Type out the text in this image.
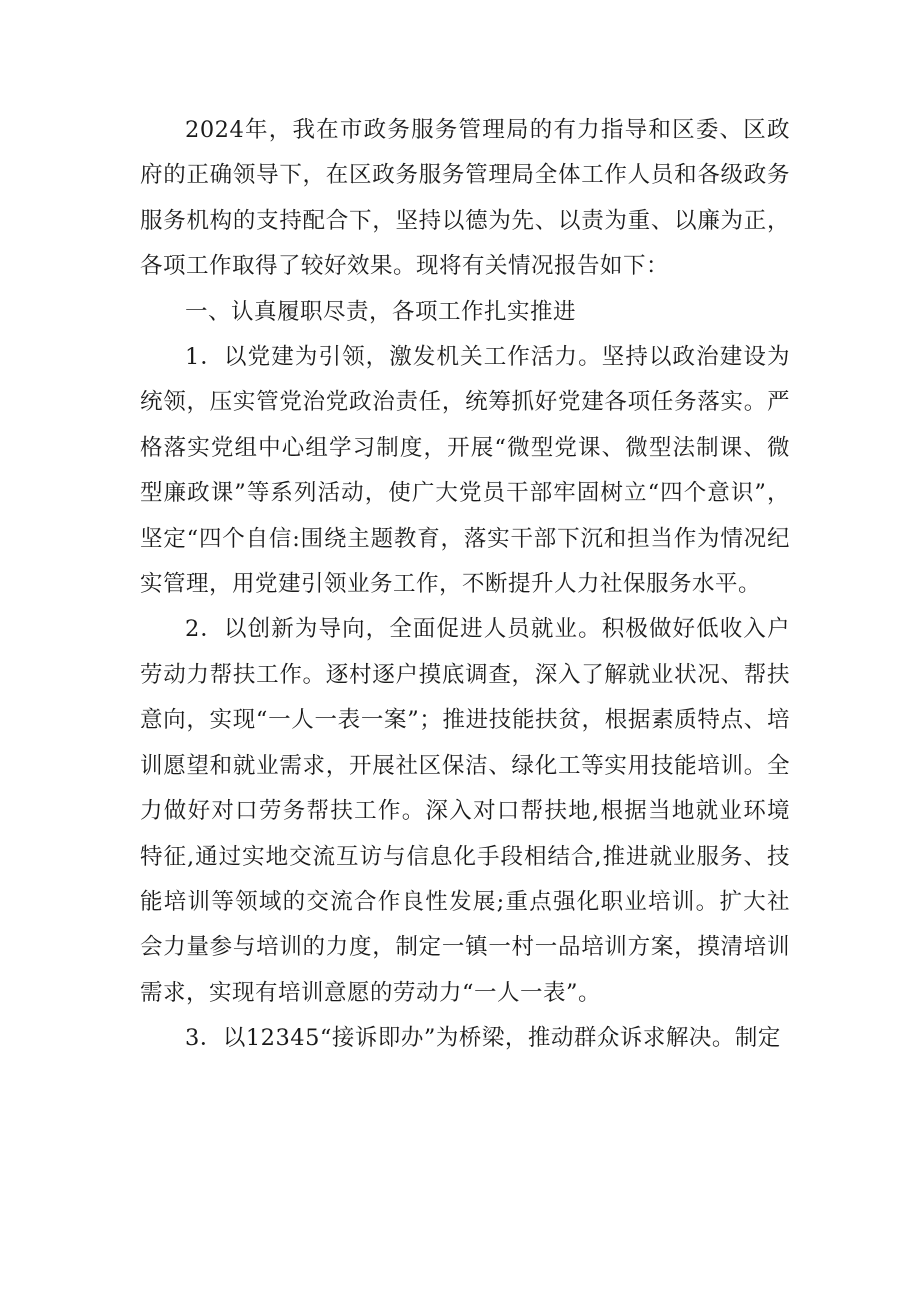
2024年，我在市政务服务管理局的有力指导和区委、区政府的正确领导下，在区政务服务管理局全体工作人员和各级政务服务机构的支持配合下，坚持以德为先、以责为重、以廉为正，各项工作取得了较好效果。现将有关情况报告如下：

一、认真履职尽责，各项工作扎实推进

1．以党建为引领，激发机关工作活力。坚持以政治建设为统领，压实管党治党政治责任，统筹抓好党建各项任务落实。严格落实党组中心组学习制度，开展“微型党课、微型法制课、微型廉政课”等系列活动，使广大党员干部牢固树立“四个意识”，坚定“四个自信:围绕主题教育，落实干部下沉和担当作为情况纪实管理，用党建引领业务工作，不断提升人力社保服务水平。

2．以创新为导向，全面促进人员就业。积极做好低收入户劳动力帮扶工作。逐村逐户摸底调查，深入了解就业状况、帮扶意向，实现“一人一表一案”；推进技能扶贫，根据素质特点、培训愿望和就业需求，开展社区保洁、绿化工等实用技能培训。全力做好对口劳务帮扶工作。深入对口帮扶地,根据当地就业环境特征,通过实地交流互访与信息化手段相结合,推进就业服务、技能培训等领域的交流合作良性发展;重点强化职业培训。扩大社会力量参与培训的力度，制定一镇一村一品培训方案，摸清培训需求，实现有培训意愿的劳动力“一人一表”。

3．以12345“接诉即办”为桥梁，推动群众诉求解决。制定
